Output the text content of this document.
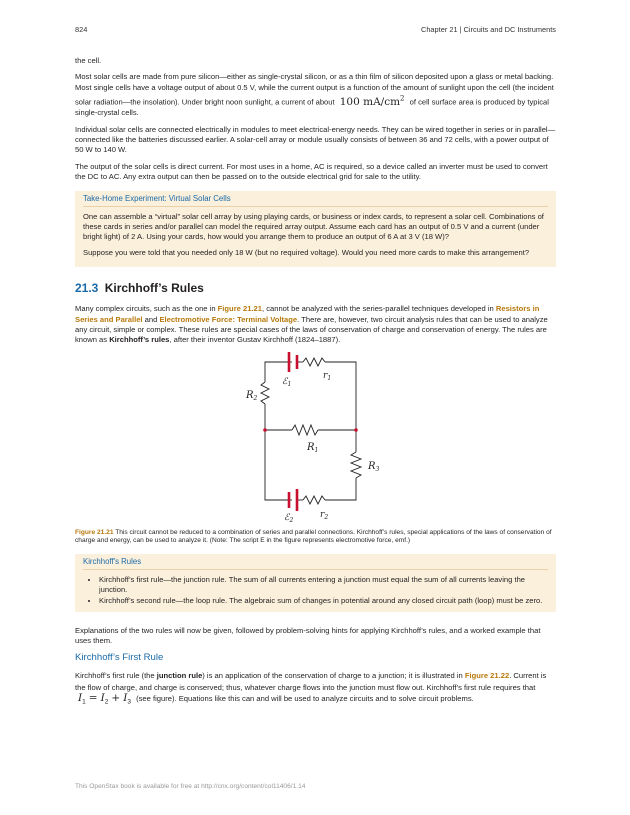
824	Chapter 21 | Circuits and DC Instruments

the cell.

Most solar cells are made from pure silicon—either as single-crystal silicon, or as a thin film of silicon deposited upon a glass or metal backing. Most single cells have a voltage output of about 0.5 V, while the current output is a function of the amount of sunlight upon the cell (the incident solar radiation—the insolation). Under bright noon sunlight, a current of about 100 $mA/cm^2$ of cell surface area is produced by typical single-crystal cells.

Individual solar cells are connected electrically in modules to meet electrical-energy needs. They can be wired together in series or in parallel—connected like the batteries discussed earlier. A solar-cell array or module usually consists of between 36 and 72 cells, with a power output of 50 W to 140 W.

The output of the solar cells is direct current. For most uses in a home, AC is required, so a device called an inverter must be used to convert the DC to AC. Any extra output can then be passed on to the outside electrical grid for sale to the utility.

Take-Home Experiment: Virtual Solar Cells

One can assemble a “virtual” solar cell array by using playing cards, or business or index cards, to represent a solar cell. Combinations of these cards in series and/or parallel can model the required array output. Assume each card has an output of 0.5 V and a current (under bright light) of 2 A. Using your cards, how would you arrange them to produce an output of 6 A at 3 V (18 W)?

Suppose you were told that you needed only 18 W (but no required voltage). Would you need more cards to make this arrangement?

21.3 Kirchhoff’s Rules

Many complex circuits, such as the one in Figure 21.21, cannot be analyzed with the series-parallel techniques developed in Resistors in Series and Parallel and Electromotive Force: Terminal Voltage. There are, however, two circuit analysis rules that can be used to analyze any circuit, simple or complex. These rules are special cases of the laws of conservation of charge and conservation of energy. The rules are known as Kirchhoff’s rules, after their inventor Gustav Kirchhoff (1824–1887).

ℰ$_1$
$r_1$
$R_2$
$R_1$
$R_3$
$r_2$
ℰ$_2$

Figure 21.21 This circuit cannot be reduced to a combination of series and parallel connections. Kirchhoff’s rules, special applications of the laws of conservation of charge and energy, can be used to analyze it. (Note: The script E in the figure represents electromotive force, emf.)

Kirchhoff's Rules
• Kirchhoff’s first rule—the junction rule. The sum of all currents entering a junction must equal the sum of all currents leaving the junction.
• Kirchhoff’s second rule—the loop rule. The algebraic sum of changes in potential around any closed circuit path (loop) must be zero.

Explanations of the two rules will now be given, followed by problem-solving hints for applying Kirchhoff’s rules, and a worked example that uses them.

Kirchhoff’s First Rule

Kirchhoff’s first rule (the junction rule) is an application of the conservation of charge to a junction; it is illustrated in Figure 21.22. Current is the flow of charge, and charge is conserved; thus, whatever charge flows into the junction must flow out. Kirchhoff’s first rule requires that $I_1 = I_2 + I_3$ (see figure). Equations like this can and will be used to analyze circuits and to solve circuit problems.

This OpenStax book is available for free at http://cnx.org/content/col11406/1.14
